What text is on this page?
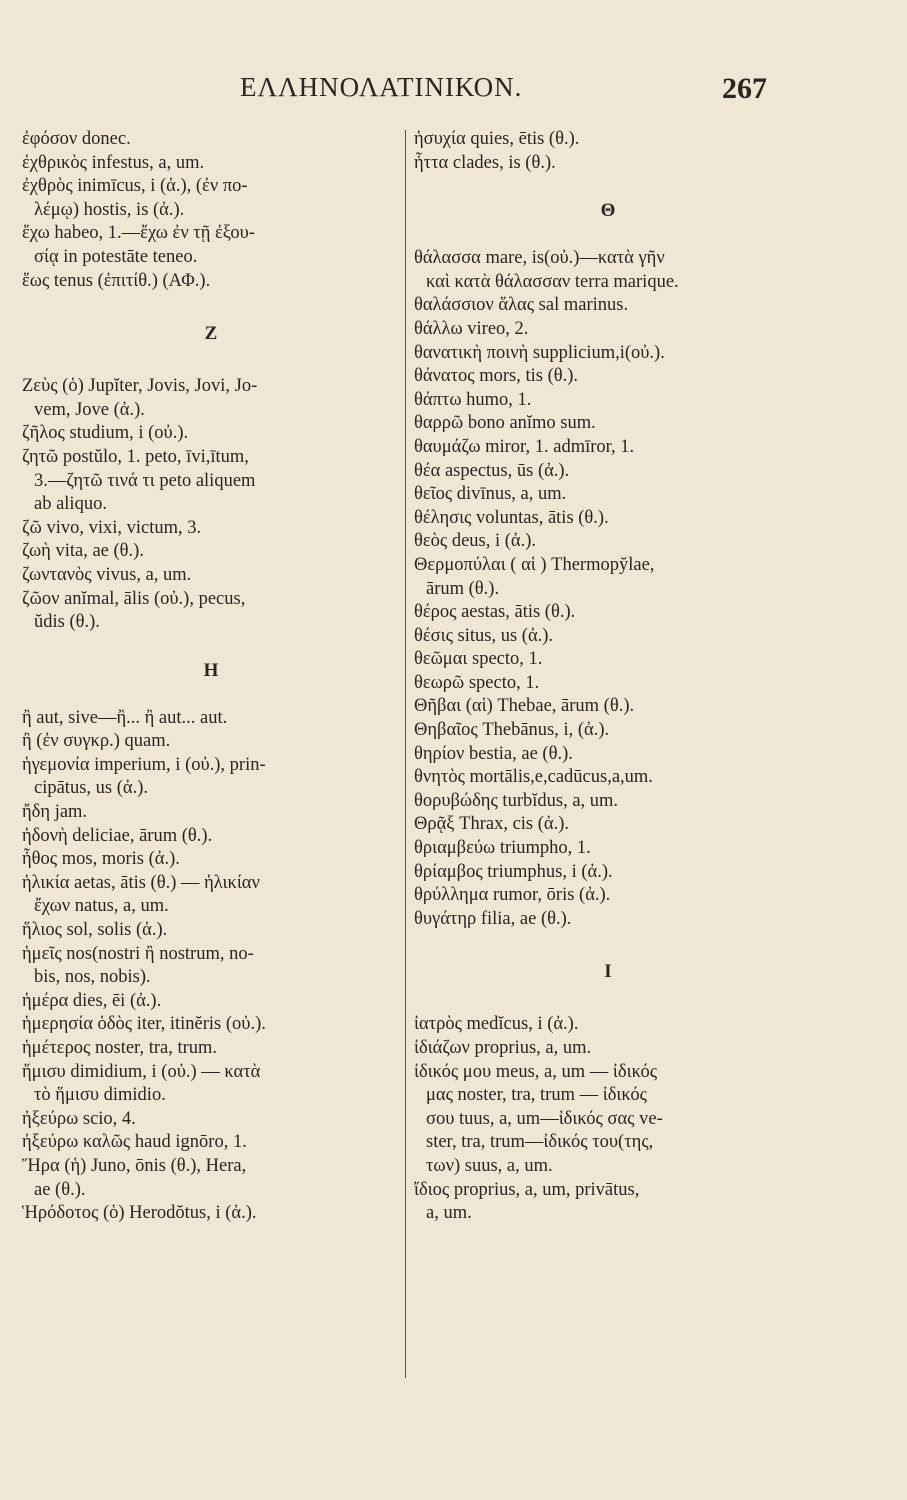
ΕΛΛΗΝΟΛΑΤΙΝΙΚΟΝ.	267
ἐφόσον donec.
ἐχθρικὸς infestus, a, um.
ἐχθρὸς inimīcus, i (ἀ.), (ἐν πο-
λέμῳ) hostis, is (ἀ.).
ἔχω habeo, 1.—ἔχω ἐν τῇ ἐξου-
σίᾳ in potestāte teneo.
ἕως tenus (ἐπιτίθ.) (ΑΦ.).
Z
Ζεὺς (ὁ) Jupĭter, Jovis, Jovi, Jo-
vem, Jove (ἀ.).
ζῆλος studium, i (οὐ.).
ζητῶ postŭlo, 1. peto, īvi,ītum,
3.—ζητῶ τινά τι peto aliquem
ab aliquo.
ζῶ vivo, vixi, victum, 3.
ζωὴ vita, ae (θ.).
ζωντανὸς vivus, a, um.
ζῶον anĭmal, ālis (οὐ.), pecus,
ŭdis (θ.).
H
ἢ aut, sive—ἢ... ἢ aut... aut.
ἢ (ἐν συγκρ.) quam.
ἡγεμονία imperium, i (οὐ.), prin-
cipātus, us (ἀ.).
ἤδη jam.
ἡδονὴ deliciae, ārum (θ.).
ἦθος mos, moris (ἀ.).
ἡλικία aetas, ātis (θ.) — ἡλικίαν
ἔχων natus, a, um.
ἥλιος sol, solis (ἀ.).
ἡμεῖς nos(nostri ἢ nostrum, no-
bis, nos, nobis).
ἡμέρα dies, ēi (ἀ.).
ἡμερησία ὁδὸς iter, itinĕris (οὐ.).
ἡμέτερος noster, tra, trum.
ἥμισυ dimidium, i (οὐ.) — κατὰ
τὸ ἥμισυ dimidio.
ἠξεύρω scio, 4.
ἠξεύρω καλῶς haud ignōro, 1.
Ἥρα (ἡ) Juno, ōnis (θ.), Hera,
ae (θ.).
Ἡρόδοτος (ὁ) Herodŏtus, i (ἀ.).
ἡσυχία quies, ētis (θ.).
ἧττα clades, is (θ.).
Θ
θάλασσα mare, is(οὐ.)—κατὰ γῆν
καὶ κατὰ θάλασσαν terra marique.
θαλάσσιον ἅλας sal marinus.
θάλλω vireo, 2.
θανατικὴ ποινὴ supplicium,i(οὐ.).
θάνατος mors, tis (θ.).
θάπτω humo, 1.
θαρρῶ bono anĭmo sum.
θαυμάζω miror, 1. admīror, 1.
θέα aspectus, ūs (ἀ.).
θεῖος divīnus, a, um.
θέλησις voluntas, ātis (θ.).
θεὸς deus, i (ἀ.).
Θερμοπύλαι ( αἱ ) Thermopy̆lae,
ārum (θ.).
θέρος aestas, ātis (θ.).
θέσις situs, us (ἀ.).
θεῶμαι specto, 1.
θεωρῶ specto, 1.
Θῆβαι (αἱ) Thebae, ārum (θ.).
Θηβαῖος Thebānus, i, (ἀ.).
θηρίον bestia, ae (θ.).
θνητὸς mortālis,e,cadūcus,a,um.
θορυβώδης turbĭdus, a, um.
Θρᾷξ Thrax, cis (ἀ.).
θριαμβεύω triumpho, 1.
θρίαμβος triumphus, i (ἀ.).
θρύλλημα rumor, ōris (ἀ.).
θυγάτηρ filia, ae (θ.).
I
ἰατρὸς medĭcus, i (ἀ.).
ἰδιάζων proprius, a, um.
ἰδικός μου meus, a, um — ἰδικός
μας noster, tra, trum — ἰδικός
σου tuus, a, um—ἰδικός σας ve-
ster, tra, trum—ἰδικός του(της,
των) suus, a, um.
ἴδιος proprius, a, um, privātus,
a, um.
